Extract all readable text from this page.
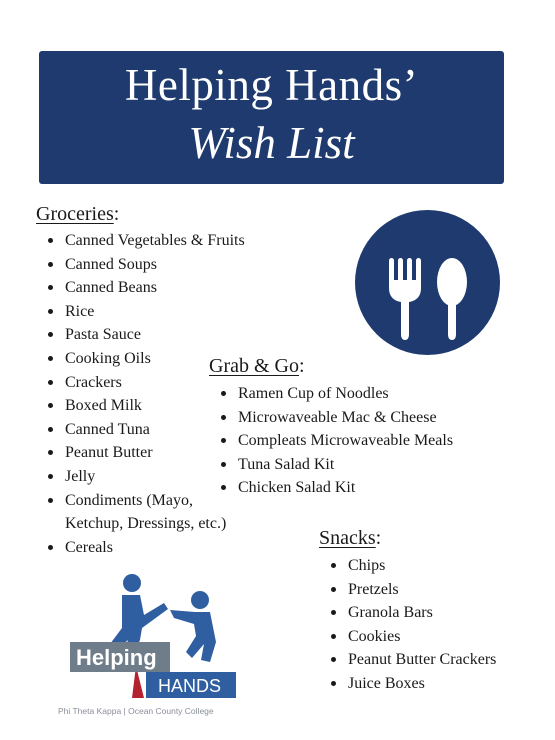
Helping Hands’
Wish List
Groceries:
Canned Vegetables & Fruits
Canned Soups
Canned Beans
Rice
Pasta Sauce
Cooking Oils
Crackers
Boxed Milk
Canned Tuna
Peanut Butter
Jelly
Condiments (Mayo,
Ketchup, Dressings, etc.)
Cereals
Grab & Go:
Ramen Cup of Noodles
Microwaveable Mac & Cheese
Compleats Microwaveable Meals
Tuna Salad Kit
Chicken Salad Kit
Snacks:
Chips
Pretzels
Granola Bars
Cookies
Peanut Butter Crackers
Juice Boxes
Helping
HANDS
Phi Theta Kappa | Ocean County College
